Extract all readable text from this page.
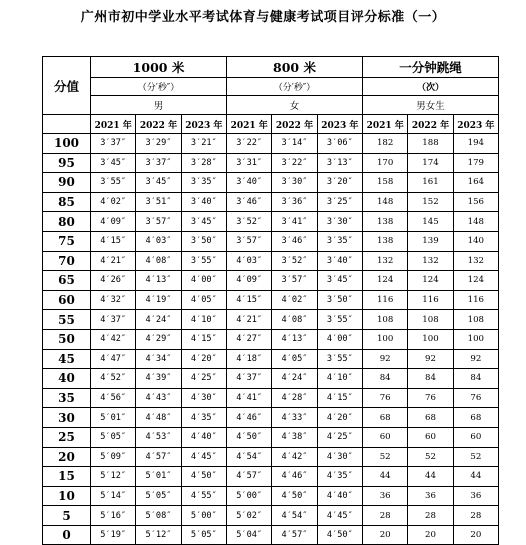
广州市初中学业水平考试体育与健康考试项目评分标准（一）
分值	1000 米			800 米			一分钟跳绳		
	（分′秒″）			（分′秒″）			（次）		
	男			女			男女生		
	2021 年	2022 年	2023 年	2021 年	2022 年	2023 年	2021 年	2022 年	2023 年
100	3′37″	3′29″	3′21″	3′22″	3′14″	3′06″	182	188	194
95	3′45″	3′37″	3′28″	3′31″	3′22″	3′13″	170	174	179
90	3′55″	3′45″	3′35″	3′40″	3′30″	3′20″	158	161	164
85	4′02″	3′51″	3′40″	3′46″	3′36″	3′25″	148	152	156
80	4′09″	3′57″	3′45″	3′52″	3′41″	3′30″	138	145	148
75	4′15″	4′03″	3′50″	3′57″	3′46″	3′35″	138	139	140
70	4′21″	4′08″	3′55″	4′03″	3′52″	3′40″	132	132	132
65	4′26″	4′13″	4′00″	4′09″	3′57″	3′45″	124	124	124
60	4′32″	4′19″	4′05″	4′15″	4′02″	3′50″	116	116	116
55	4′37″	4′24″	4′10″	4′21″	4′08″	3′55″	108	108	108
50	4′42″	4′29″	4′15″	4′27″	4′13″	4′00″	100	100	100
45	4′47″	4′34″	4′20″	4′18″	4′05″	3′55″	92	92	92
40	4′52″	4′39″	4′25″	4′37″	4′24″	4′10″	84	84	84
35	4′56″	4′43″	4′30″	4′41″	4′28″	4′15″	76	76	76
30	5′01″	4′48″	4′35″	4′46″	4′33″	4′20″	68	68	68
25	5′05″	4′53″	4′40″	4′50″	4′38″	4′25″	60	60	60
20	5′09″	4′57″	4′45″	4′54″	4′42″	4′30″	52	52	52
15	5′12″	5′01″	4′50″	4′57″	4′46″	4′35″	44	44	44
10	5′14″	5′05″	4′55″	5′00″	4′50″	4′40″	36	36	36
5	5′16″	5′08″	5′00″	5′02″	4′54″	4′45″	28	28	28
0	5′19″	5′12″	5′05″	5′04″	4′57″	4′50″	20	20	20
